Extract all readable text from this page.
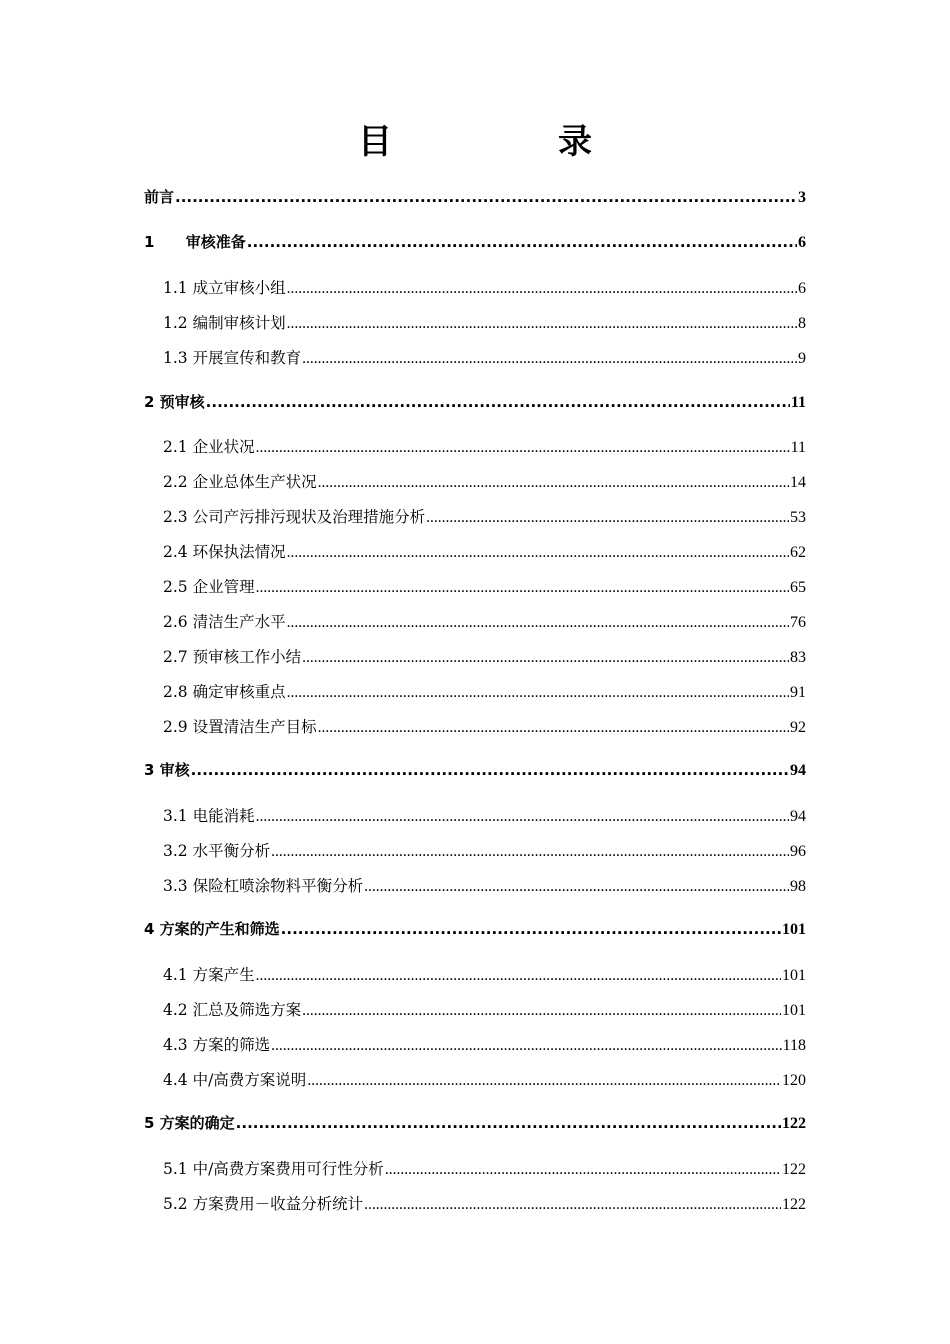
目　录
前言 .....	3
1      审核准备 .....	6
1.1 成立审核小组 .....	6
1.2 编制审核计划 .....	8
1.3 开展宣传和教育 .....	9
2 预审核 .....	11
2.1 企业状况 .....	11
2.2 企业总体生产状况 .....	14
2.3 公司产污排污现状及治理措施分析 .....	53
2.4 环保执法情况 .....	62
2.5 企业管理 .....	65
2.6 清洁生产水平 .....	76
2.7 预审核工作小结 .....	83
2.8 确定审核重点 .....	91
2.9 设置清洁生产目标 .....	92
3 审核 .....	94
3.1 电能消耗 .....	94
3.2 水平衡分析 .....	96
3.3 保险杠喷涂物料平衡分析 .....	98
4 方案的产生和筛选 .....	101
4.1 方案产生 .....	101
4.2 汇总及筛选方案 .....	101
4.3 方案的筛选 .....	118
4.4 中/高费方案说明 .....	120
5 方案的确定 .....	122
5.1 中/高费方案费用可行性分析 .....	122
5.2 方案费用－收益分析统计 .....	122
